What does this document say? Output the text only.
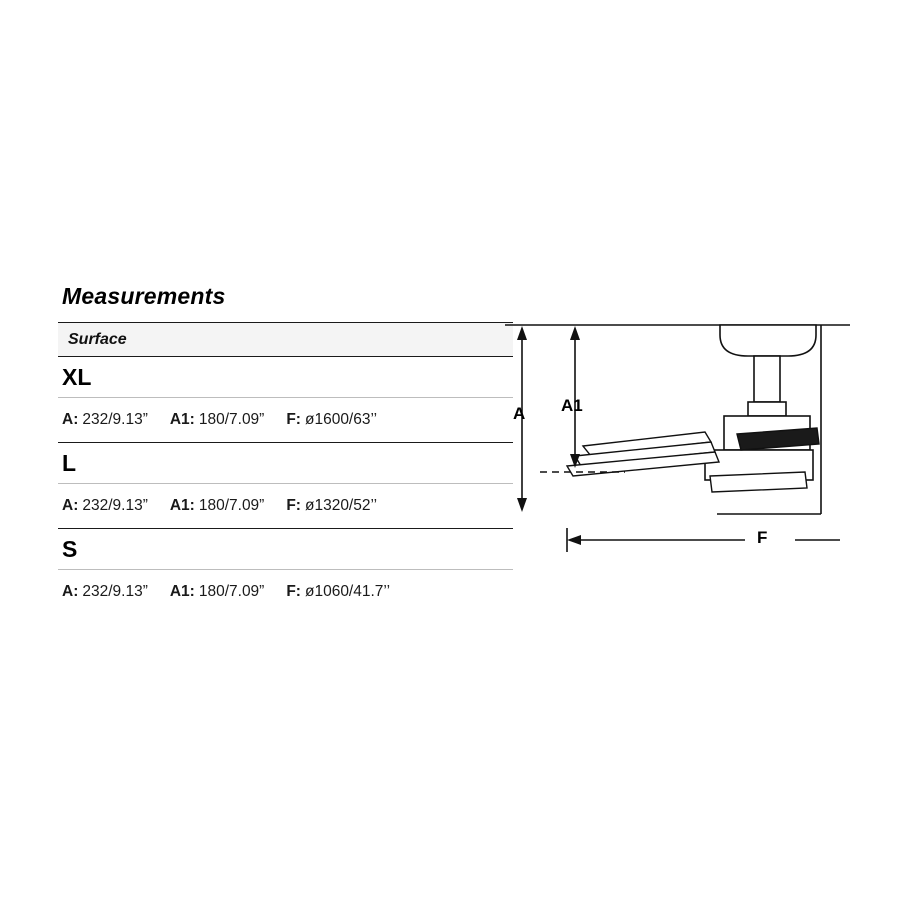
Measurements
Surface
XL
A: 232/9.13” A1: 180/7.09” F: ø1600/63’’
L
A: 232/9.13” A1: 180/7.09” F: ø1320/52’’
S
A: 232/9.13” A1: 180/7.09” F: ø1060/41.7’’
A A1
F
